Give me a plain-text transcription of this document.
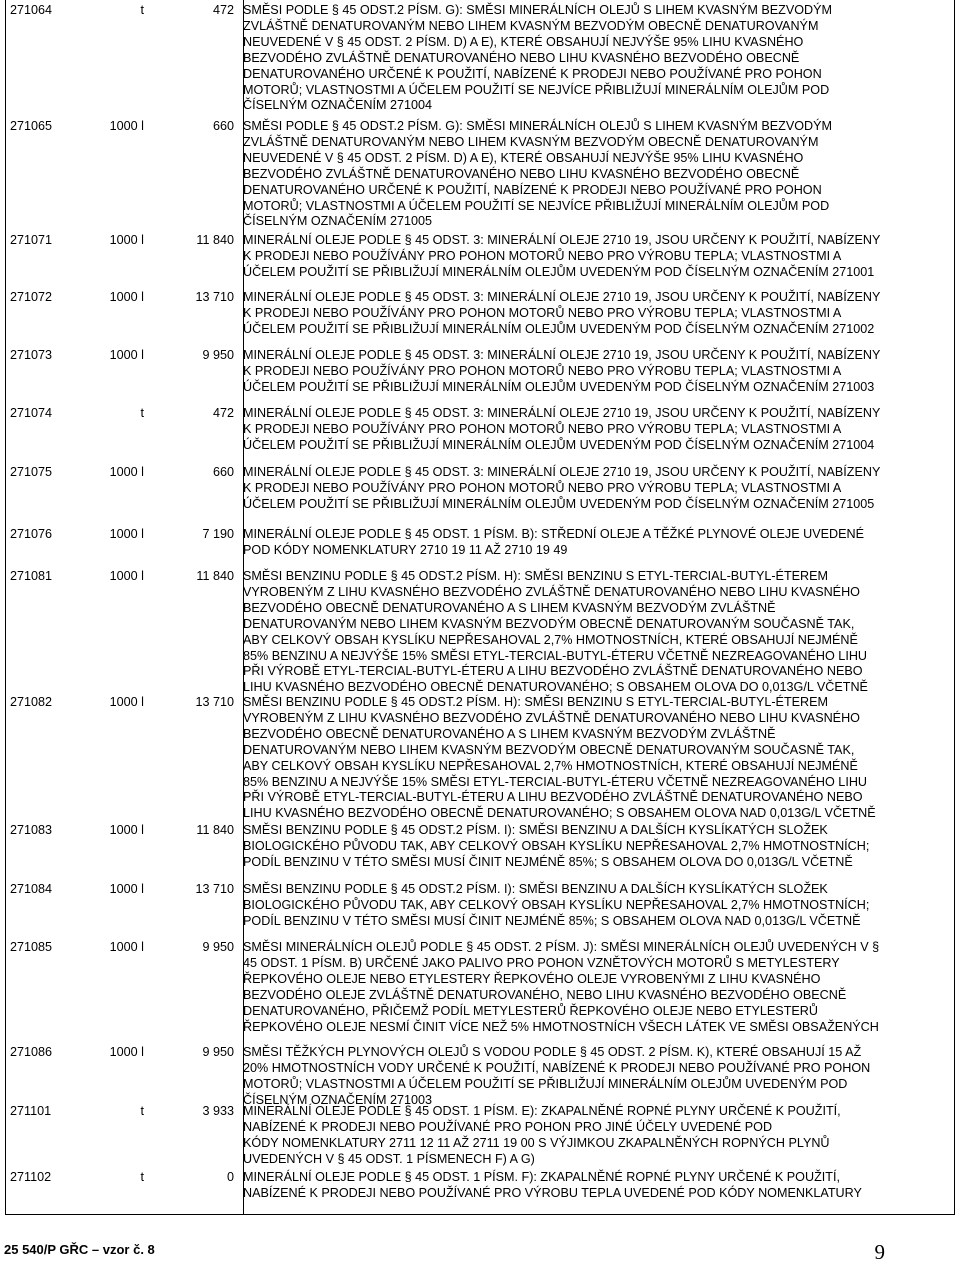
271064	t	472 SMĚSI PODLE § 45 ODST.2 PÍSM. G): SMĚSI MINERÁLNÍCH OLEJŮ S LIHEM KVASNÝM BEZVODÝM
ZVLÁŠTNĚ DENATUROVANÝM NEBO LIHEM KVASNÝM BEZVODÝM OBECNĚ DENATUROVANÝM
NEUVEDENÉ V § 45 ODST. 2 PÍSM. D) A E), KTERÉ OBSAHUJÍ NEJVÝŠE 95% LIHU KVASNÉHO
BEZVODÉHO ZVLÁŠTNĚ DENATUROVANÉHO NEBO LIHU KVASNÉHO BEZVODÉHO OBECNĚ
DENATUROVANÉHO URČENÉ K POUŽITÍ, NABÍZENÉ K PRODEJI NEBO POUŽÍVANÉ PRO POHON
MOTORŮ; VLASTNOSTMI A ÚČELEM POUŽITÍ SE NEJVÍCE PŘIBLIŽUJÍ MINERÁLNÍM OLEJŮM POD
ČÍSELNÝM OZNAČENÍM 271004
271065	1000 l	660 SMĚSI PODLE § 45 ODST.2 PÍSM. G): SMĚSI MINERÁLNÍCH OLEJŮ S LIHEM KVASNÝM BEZVODÝM
ZVLÁŠTNĚ DENATUROVANÝM NEBO LIHEM KVASNÝM BEZVODÝM OBECNĚ DENATUROVANÝM
NEUVEDENÉ V § 45 ODST. 2 PÍSM. D) A E), KTERÉ OBSAHUJÍ NEJVÝŠE 95% LIHU KVASNÉHO
BEZVODÉHO ZVLÁŠTNĚ DENATUROVANÉHO NEBO LIHU KVASNÉHO BEZVODÉHO OBECNĚ
DENATUROVANÉHO URČENÉ K POUŽITÍ, NABÍZENÉ K PRODEJI NEBO POUŽÍVANÉ PRO POHON
MOTORŮ; VLASTNOSTMI A ÚČELEM POUŽITÍ SE NEJVÍCE PŘIBLIŽUJÍ MINERÁLNÍM OLEJŮM POD
ČÍSELNÝM OZNAČENÍM 271005
271071	1000 l	11 840 MINERÁLNÍ OLEJE PODLE § 45 ODST. 3: MINERÁLNÍ OLEJE 2710 19, JSOU URČENY K POUŽITÍ, NABÍZENY
K PRODEJI NEBO POUŽÍVÁNY PRO POHON MOTORŮ NEBO PRO VÝROBU TEPLA; VLASTNOSTMI A
ÚČELEM POUŽITÍ SE PŘIBLIŽUJÍ MINERÁLNÍM OLEJŮM UVEDENÝM POD ČÍSELNÝM OZNAČENÍM 271001
271072	1000 l	13 710 MINERÁLNÍ OLEJE PODLE § 45 ODST. 3: MINERÁLNÍ OLEJE 2710 19, JSOU URČENY K POUŽITÍ, NABÍZENY
K PRODEJI NEBO POUŽÍVÁNY PRO POHON MOTORŮ NEBO PRO VÝROBU TEPLA; VLASTNOSTMI A
ÚČELEM POUŽITÍ SE PŘIBLIŽUJÍ MINERÁLNÍM OLEJŮM UVEDENÝM POD ČÍSELNÝM OZNAČENÍM 271002
271073	1000 l	9 950 MINERÁLNÍ OLEJE PODLE § 45 ODST. 3: MINERÁLNÍ OLEJE 2710 19, JSOU URČENY K POUŽITÍ, NABÍZENY
K PRODEJI NEBO POUŽÍVÁNY PRO POHON MOTORŮ NEBO PRO VÝROBU TEPLA; VLASTNOSTMI A
ÚČELEM POUŽITÍ SE PŘIBLIŽUJÍ MINERÁLNÍM OLEJŮM UVEDENÝM POD ČÍSELNÝM OZNAČENÍM 271003
271074	t	472 MINERÁLNÍ OLEJE PODLE § 45 ODST. 3: MINERÁLNÍ OLEJE 2710 19, JSOU URČENY K POUŽITÍ, NABÍZENY
K PRODEJI NEBO POUŽÍVÁNY PRO POHON MOTORŮ NEBO PRO VÝROBU TEPLA; VLASTNOSTMI A
ÚČELEM POUŽITÍ SE PŘIBLIŽUJÍ MINERÁLNÍM OLEJŮM UVEDENÝM POD ČÍSELNÝM OZNAČENÍM 271004
271075	1000 l	660 MINERÁLNÍ OLEJE PODLE § 45 ODST. 3: MINERÁLNÍ OLEJE 2710 19, JSOU URČENY K POUŽITÍ, NABÍZENY
K PRODEJI NEBO POUŽÍVÁNY PRO POHON MOTORŮ NEBO PRO VÝROBU TEPLA; VLASTNOSTMI A
ÚČELEM POUŽITÍ SE PŘIBLIŽUJÍ MINERÁLNÍM OLEJŮM UVEDENÝM POD ČÍSELNÝM OZNAČENÍM 271005
271076	1000 l	7 190 MINERÁLNÍ OLEJE PODLE § 45 ODST. 1 PÍSM. B): STŘEDNÍ OLEJE A TĚŽKÉ PLYNOVÉ OLEJE UVEDENÉ
POD KÓDY NOMENKLATURY 2710 19 11 AŽ 2710 19 49
271081	1000 l	11 840 SMĚSI BENZINU PODLE § 45 ODST.2 PÍSM. H): SMĚSI BENZINU S ETYL-TERCIAL-BUTYL-ÉTEREM
VYROBENÝM Z LIHU KVASNÉHO BEZVODÉHO ZVLÁŠTNĚ DENATUROVANÉHO NEBO LIHU KVASNÉHO
BEZVODÉHO OBECNĚ DENATUROVANÉHO A S LIHEM KVASNÝM BEZVODÝM ZVLÁŠTNĚ
DENATUROVANÝM NEBO LIHEM KVASNÝM BEZVODÝM OBECNĚ DENATUROVANÝM SOUČASNĚ TAK,
ABY CELKOVÝ OBSAH KYSLÍKU NEPŘESAHOVAL 2,7% HMOTNOSTNÍCH, KTERÉ OBSAHUJÍ NEJMÉNĚ
85% BENZINU A NEJVÝŠE 15% SMĚSI ETYL-TERCIAL-BUTYL-ÉTERU VČETNĚ NEZREAGOVANÉHO LIHU
PŘI VÝROBĚ ETYL-TERCIAL-BUTYL-ÉTERU A LIHU BEZVODÉHO ZVLÁŠTNĚ DENATUROVANÉHO NEBO
LIHU KVASNÉHO BEZVODÉHO OBECNĚ DENATUROVANÉHO; S OBSAHEM OLOVA DO 0,013G/L VČETNĚ
271082	1000 l	13 710 SMĚSI BENZINU PODLE § 45 ODST.2 PÍSM. H): SMĚSI BENZINU S ETYL-TERCIAL-BUTYL-ÉTEREM
VYROBENÝM Z LIHU KVASNÉHO BEZVODÉHO ZVLÁŠTNĚ DENATUROVANÉHO NEBO LIHU KVASNÉHO
BEZVODÉHO OBECNĚ DENATUROVANÉHO A S LIHEM KVASNÝM BEZVODÝM ZVLÁŠTNĚ
DENATUROVANÝM NEBO LIHEM KVASNÝM BEZVODÝM OBECNĚ DENATUROVANÝM SOUČASNĚ TAK,
ABY CELKOVÝ OBSAH KYSLÍKU NEPŘESAHOVAL 2,7% HMOTNOSTNÍCH, KTERÉ OBSAHUJÍ NEJMÉNĚ
85% BENZINU A NEJVÝŠE 15% SMĚSI ETYL-TERCIAL-BUTYL-ÉTERU VČETNĚ NEZREAGOVANÉHO LIHU
PŘI VÝROBĚ ETYL-TERCIAL-BUTYL-ÉTERU A LIHU BEZVODÉHO ZVLÁŠTNĚ DENATUROVANÉHO NEBO
LIHU KVASNÉHO BEZVODÉHO OBECNĚ DENATUROVANÉHO; S OBSAHEM OLOVA NAD 0,013G/L VČETNĚ
271083	1000 l	11 840 SMĚSI BENZINU PODLE § 45 ODST.2 PÍSM. I): SMĚSI BENZINU A DALŠÍCH KYSLÍKATÝCH SLOŽEK
BIOLOGICKÉHO PŮVODU TAK, ABY CELKOVÝ OBSAH KYSLÍKU NEPŘESAHOVAL 2,7% HMOTNOSTNÍCH;
PODÍL BENZINU V TÉTO SMĚSI MUSÍ ČINIT NEJMÉNĚ 85%; S OBSAHEM OLOVA DO 0,013G/L VČETNĚ
271084	1000 l	13 710 SMĚSI BENZINU PODLE § 45 ODST.2 PÍSM. I): SMĚSI BENZINU A DALŠÍCH KYSLÍKATÝCH SLOŽEK
BIOLOGICKÉHO PŮVODU TAK, ABY CELKOVÝ OBSAH KYSLÍKU NEPŘESAHOVAL 2,7% HMOTNOSTNÍCH;
PODÍL BENZINU V TÉTO SMĚSI MUSÍ ČINIT NEJMÉNĚ 85%; S OBSAHEM OLOVA NAD 0,013G/L VČETNĚ
271085	1000 l	9 950 SMĚSI MINERÁLNÍCH OLEJŮ PODLE § 45 ODST. 2 PÍSM. J): SMĚSI MINERÁLNÍCH OLEJŮ UVEDENÝCH V §
45 ODST. 1 PÍSM. B) URČENÉ JAKO PALIVO PRO POHON VZNĚTOVÝCH MOTORŮ S METYLESTERY
ŘEPKOVÉHO OLEJE NEBO ETYLESTERY ŘEPKOVÉHO OLEJE VYROBENÝMI Z LIHU KVASNÉHO
BEZVODÉHO OLEJE ZVLÁŠTNĚ DENATUROVANÉHO, NEBO LIHU KVASNÉHO BEZVODÉHO OBECNĚ
DENATUROVANÉHO, PŘIČEMŽ PODÍL METYLESTERŮ ŘEPKOVÉHO OLEJE NEBO ETYLESTERŮ
ŘEPKOVÉHO OLEJE NESMÍ ČINIT VÍCE NEŽ 5% HMOTNOSTNÍCH VŠECH LÁTEK VE SMĚSI OBSAŽENÝCH
271086	1000 l	9 950 SMĚSI TĚŽKÝCH PLYNOVÝCH OLEJŮ S VODOU PODLE § 45 ODST. 2 PÍSM. K), KTERÉ OBSAHUJÍ 15 AŽ
20% HMOTNOSTNÍCH VODY URČENÉ K POUŽITÍ, NABÍZENÉ K PRODEJI NEBO POUŽÍVANÉ PRO POHON
MOTORŮ; VLASTNOSTMI A ÚČELEM POUŽITÍ SE PŘIBLIŽUJÍ MINERÁLNÍM OLEJŮM UVEDENÝM POD
ČÍSELNÝM OZNAČENÍM 271003
271101	t	3 933 MINERÁLNÍ OLEJE PODLE § 45 ODST. 1 PÍSM. E): ZKAPALNĚNÉ ROPNÉ PLYNY URČENÉ K POUŽITÍ,
NABÍZENÉ K PRODEJI NEBO POUŽÍVANÉ PRO POHON PRO JINÉ ÚČELY UVEDENÉ POD
KÓDY NOMENKLATURY 2711 12 11 AŽ 2711 19 00 S VÝJIMKOU ZKAPALNĚNÝCH ROPNÝCH PLYNŮ
UVEDENÝCH V § 45 ODST. 1 PÍSMENECH F) A G)
271102	t	0 MINERÁLNÍ OLEJE PODLE § 45 ODST. 1 PÍSM. F): ZKAPALNĚNÉ ROPNÉ PLYNY URČENÉ K POUŽITÍ,
NABÍZENÉ K PRODEJI NEBO POUŽÍVANÉ PRO VÝROBU TEPLA UVEDENÉ POD KÓDY NOMENKLATURY
25 540/P GŘC – vzor č. 8	9
